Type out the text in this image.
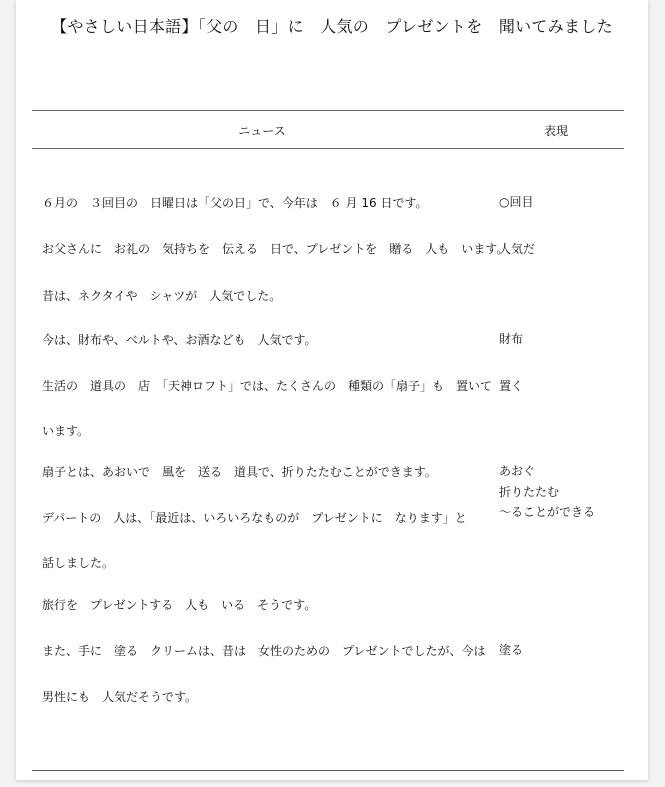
【やさしい日本語】「父の　日」に　人気の　プレゼントを　聞いてみました
ニュース	表現
６月の　３回目の　日曜日は「父の日」で、今年は　６ 月 16 日です。
お父さんに　お礼の　気持ちを　伝える　日で、プレゼントを　贈る　人も　います。
昔は、ネクタイや　シャツが　人気でした。
今は、財布や、ベルトや、お酒なども　人気です。
生活の　道具の　店　「天神ロフト」では、たくさんの　種類の「扇子」も　置いて
います。
扇子とは、あおいで　風を　送る　道具で、折りたたむことができます。
デパートの　人は、「最近は、いろいろなものが　プレゼントに　なります」と
話しました。
旅行を　プレゼントする　人も　いる　そうです。
また、手に　塗る　クリームは、昔は　女性のための　プレゼントでしたが、今は
男性にも　人気だそうです。
○回目
人気だ
財布
置く
あおぐ
折りたたむ
～ることができる
塗る
